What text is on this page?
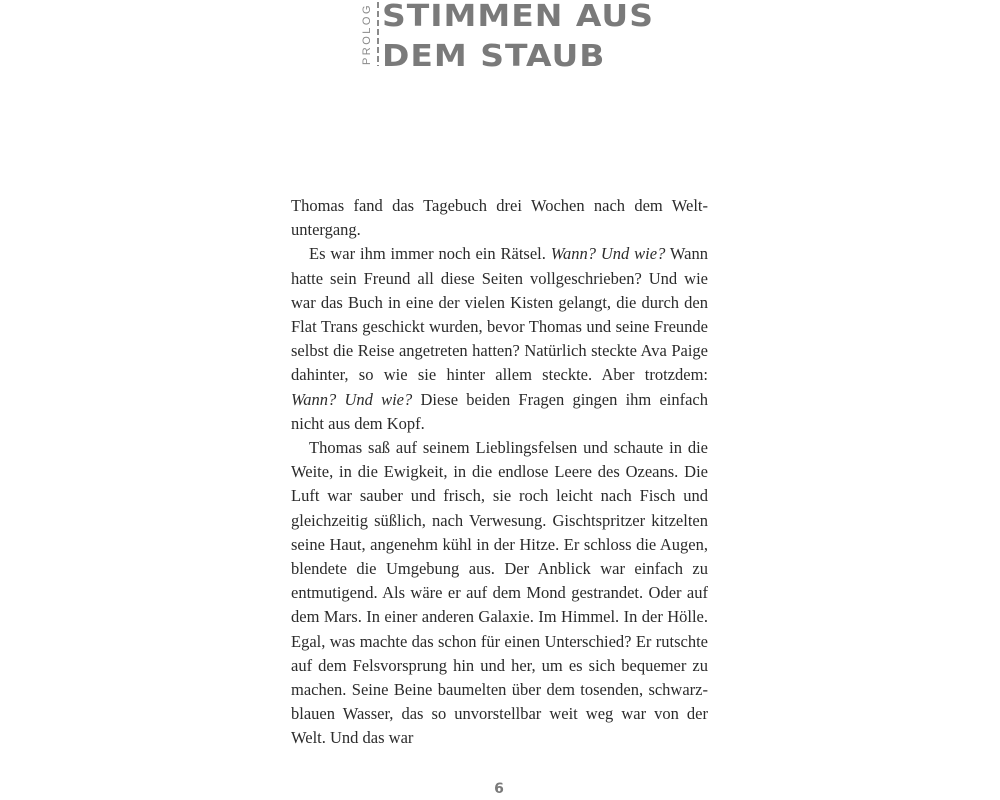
PROLOG STIMMEN AUS
DEM STAUB

Thomas fand das Tagebuch drei Wochen nach dem Weltuntergang.

Es war ihm immer noch ein Rätsel. Wann? Und wie? Wann hatte sein Freund all diese Seiten vollgeschrieben? Und wie war das Buch in eine der vielen Kisten gelangt, die durch den Flat Trans geschickt wurden, bevor Thomas und seine Freunde selbst die Reise angetreten hatten? Natürlich steckte Ava Paige dahinter, so wie sie hinter allem steckte. Aber trotzdem: Wann? Und wie? Diese beiden Fragen gingen ihm einfach nicht aus dem Kopf.

Thomas saß auf seinem Lieblingsfelsen und schaute in die Weite, in die Ewigkeit, in die endlose Leere des Ozeans. Die Luft war sauber und frisch, sie roch leicht nach Fisch und gleichzeitig süßlich, nach Verwesung. Gischtspritzer kitzelten seine Haut, angenehm kühl in der Hitze. Er schloss die Augen, blendete die Umgebung aus. Der Anblick war einfach zu entmutigend. Als wäre er auf dem Mond gestrandet. Oder auf dem Mars. In einer anderen Galaxie. Im Himmel. In der Hölle. Egal, was machte das schon für einen Unterschied? Er rutschte auf dem Felsvorsprung hin und her, um es sich bequemer zu machen. Seine Beine baumelten über dem tosenden, schwarz-blauen Wasser, das so unvorstellbar weit weg war von der Welt. Und das war

6
